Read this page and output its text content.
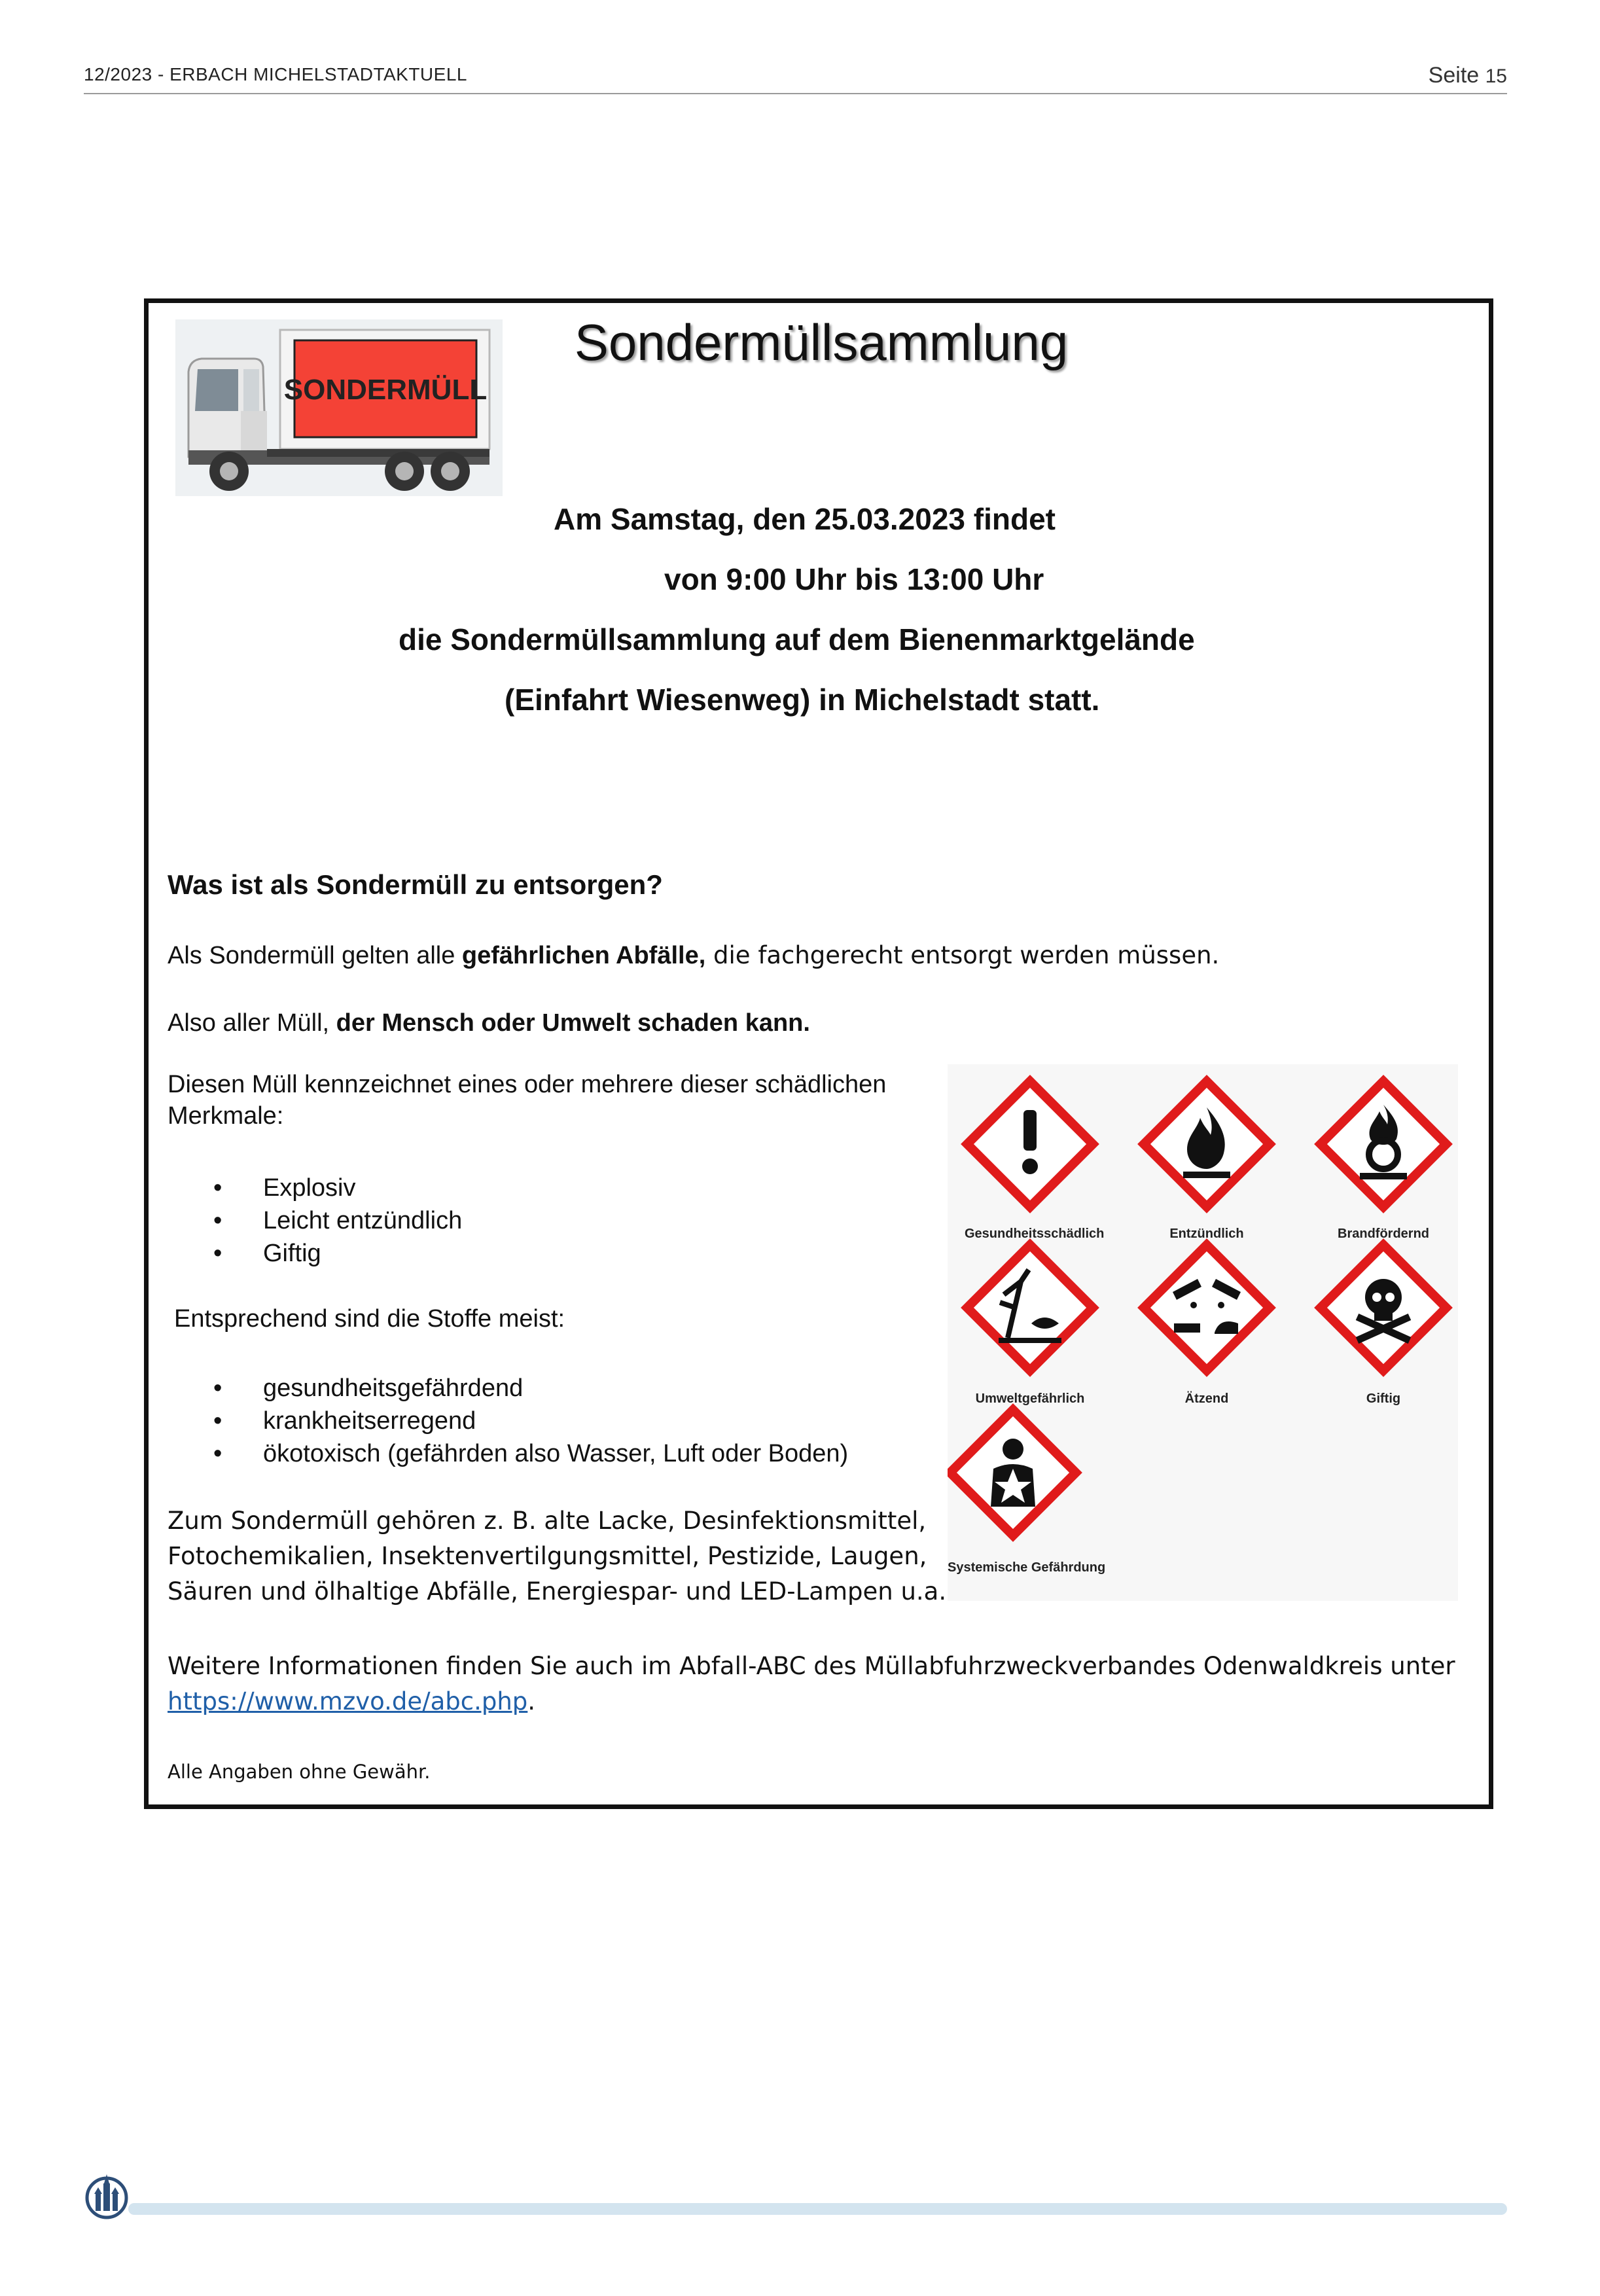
12/2023 - ERBACH MICHELSTADTAKTUELL	Seite 15
SONDERMÜLL
Sondermüllsammlung
Am Samstag, den 25.03.2023 findet
von 9:00 Uhr bis 13:00 Uhr
die Sondermüllsammlung auf dem Bienenmarktgelände
(Einfahrt Wiesenweg) in Michelstadt statt.
Was ist als Sondermüll zu entsorgen?
Als Sondermüll gelten alle gefährlichen Abfälle, die fachgerecht entsorgt werden müssen.
Also aller Müll, der Mensch oder Umwelt schaden kann.
Diesen Müll kennzeichnet eines oder mehrere dieser schädlichen
Merkmale:
• Explosiv
• Leicht entzündlich
• Giftig
Entsprechend sind die Stoffe meist:
• gesundheitsgefährdend
• krankheitserregend
• ökotoxisch (gefährden also Wasser, Luft oder Boden)
Zum Sondermüll gehören z. B. alte Lacke, Desinfektionsmittel,
Fotochemikalien, Insektenvertilgungsmittel, Pestizide, Laugen,
Säuren und ölhaltige Abfälle, Energiespar- und LED-Lampen u.a.
Weitere Informationen finden Sie auch im Abfall-ABC des Müllabfuhrzweckverbandes Odenwaldkreis unter
https://www.mzvo.de/abc.php.
Alle Angaben ohne Gewähr.
Gesundheitsschädlich	Entzündlich	Brandfördernd
Umweltgefährlich	Ätzend	Giftig
Systemische Gefährdung
